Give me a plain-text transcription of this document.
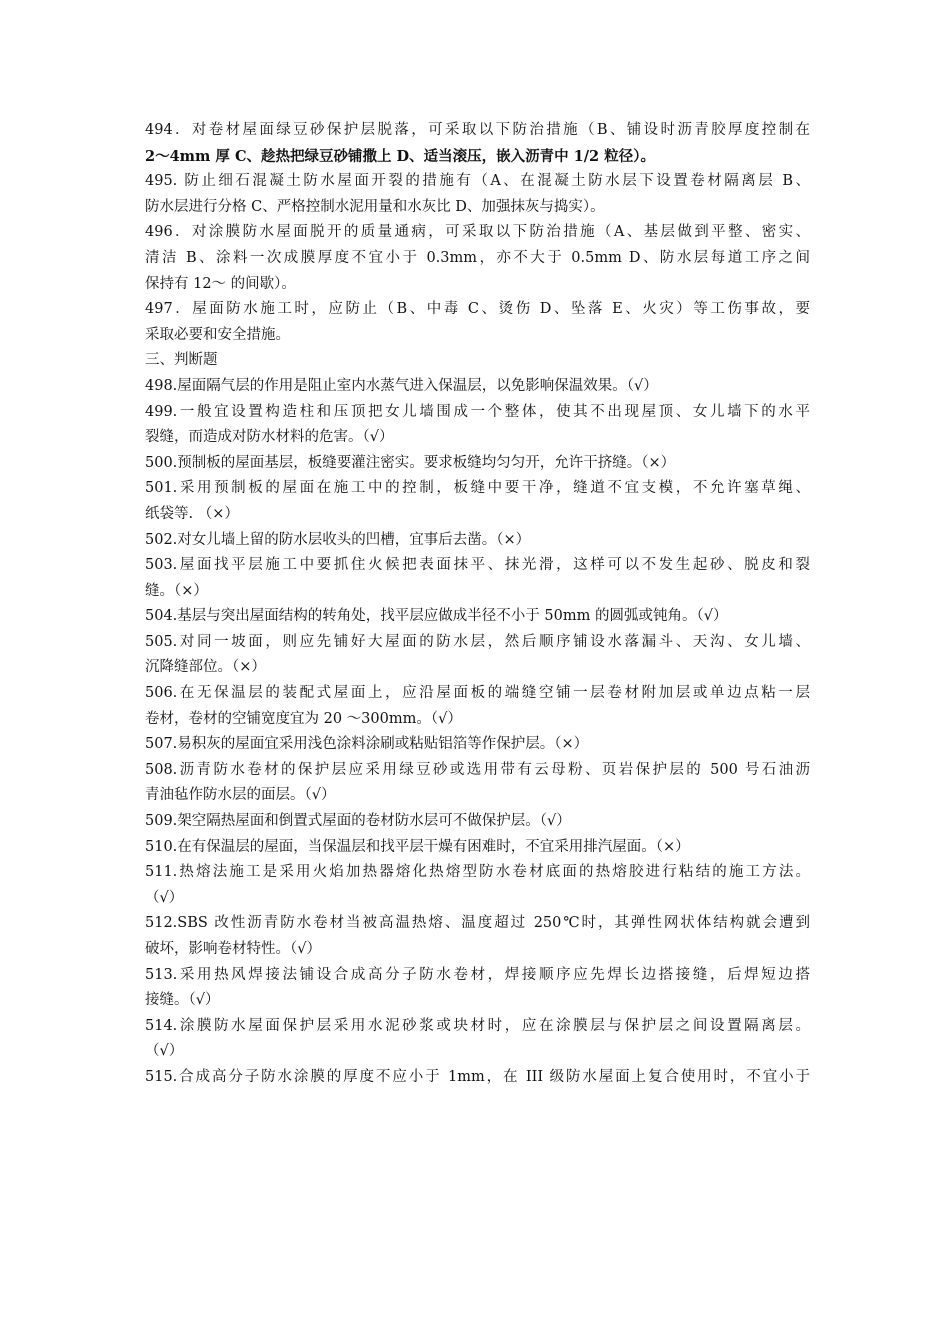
494．对卷材屋面绿豆砂保护层脱落，可采取以下防治措施（B、铺设时沥青胶厚度控制在
2～4mm 厚 C、趁热把绿豆砂铺撒上 D、适当滚压，嵌入沥青中 1/2 粒径）。
495. 防止细石混凝土防水屋面开裂的措施有（A、在混凝土防水层下设置卷材隔离层 B、
防水层进行分格 C、严格控制水泥用量和水灰比 D、加强抹灰与捣实）。
496．对涂膜防水屋面脱开的质量通病，可采取以下防治措施（A、基层做到平整、密实、
清洁 B、涂料一次成膜厚度不宜小于 0.3mm，亦不大于 0.5mm D、防水层每道工序之间
保持有 12～ 的间歇）。
497．屋面防水施工时，应防止（B、中毒 C、烫伤 D、坠落 E、火灾）等工伤事故，要
采取必要和安全措施。
三、判断题
498.屋面隔气层的作用是阻止室内水蒸气进入保温层，以免影响保温效果。（√）
499.一般宜设置构造柱和压顶把女儿墙围成一个整体，使其不出现屋顶、女儿墙下的水平
裂缝，而造成对防水材料的危害。（√）
500.预制板的屋面基层，板缝要灌注密实。要求板缝均匀匀开，允许干挤缝。（×）
501.采用预制板的屋面在施工中的控制，板缝中要干净，缝道不宜支模，不允许塞草绳、
纸袋等. （×）
502.对女儿墙上留的防水层收头的凹槽，宜事后去凿。（×）
503.屋面找平层施工中要抓住火候把表面抹平、抹光滑，这样可以不发生起砂、脱皮和裂
缝。（×）
504.基层与突出屋面结构的转角处，找平层应做成半径不小于 50mm 的圆弧或钝角。（√）
505.对同一坡面，则应先铺好大屋面的防水层，然后顺序铺设水落漏斗、天沟、女儿墙、
沉降缝部位。（×）
506.在无保温层的装配式屋面上，应沿屋面板的端缝空铺一层卷材附加层或单边点粘一层
卷材，卷材的空铺宽度宜为 20 ～300mm。（√）
507.易积灰的屋面宜采用浅色涂料涂刷或粘贴铝箔等作保护层。（×）
508.沥青防水卷材的保护层应采用绿豆砂或选用带有云母粉、页岩保护层的 500 号石油沥
青油毡作防水层的面层。（√）
509.架空隔热屋面和倒置式屋面的卷材防水层可不做保护层。（√）
510.在有保温层的屋面，当保温层和找平层干燥有困难时，不宜采用排汽屋面。（×）
511.热熔法施工是采用火焰加热器熔化热熔型防水卷材底面的热熔胶进行粘结的施工方法。
（√）
512.SBS 改性沥青防水卷材当被高温热熔、温度超过 250℃时，其弹性网状体结构就会遭到
破坏，影响卷材特性。（√）
513.采用热风焊接法铺设合成高分子防水卷材，焊接顺序应先焊长边搭接缝，后焊短边搭
接缝。（√）
514.涂膜防水屋面保护层采用水泥砂浆或块材时，应在涂膜层与保护层之间设置隔离层。
（√）
515.合成高分子防水涂膜的厚度不应小于 1mm，在 III 级防水屋面上复合使用时，不宜小于
